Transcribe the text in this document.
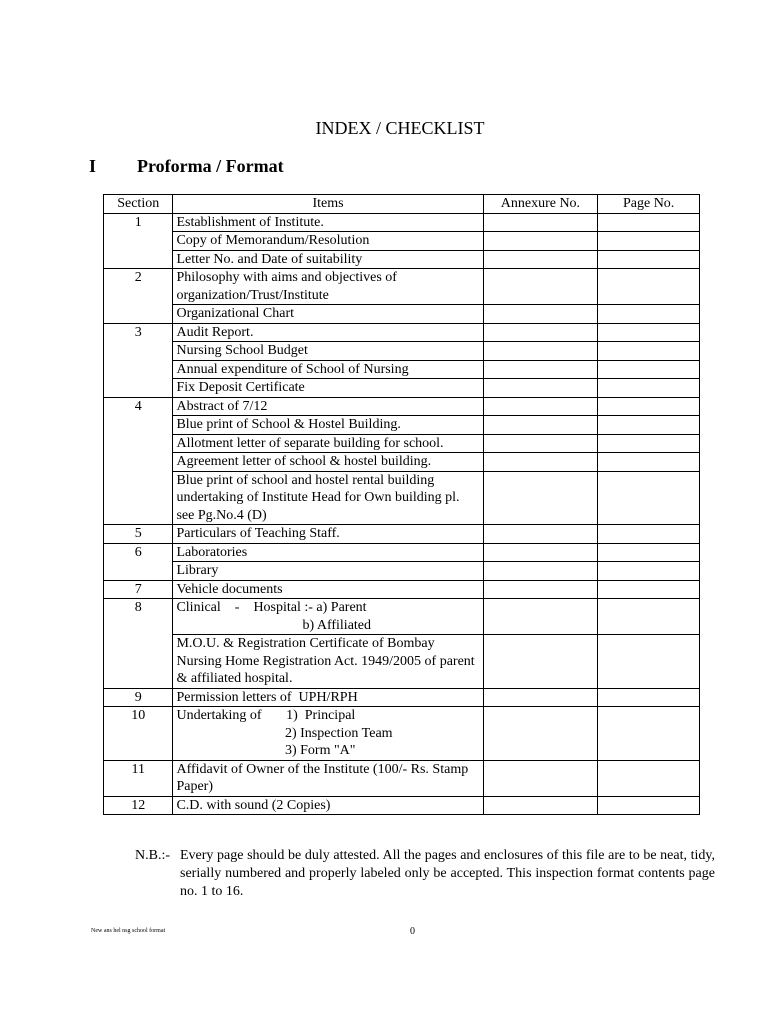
INDEX / CHECKLIST
I Proforma / Format
Section	Items	Annexure No.	Page No.
1	Establishment of Institute.		
	Copy of Memorandum/Resolution		
	Letter No. and Date of suitability		
2	Philosophy with aims and objectives of organization/Trust/Institute		
	Organizational Chart		
3	Audit Report.		
	Nursing School Budget		
	Annual expenditure of School of Nursing		
	Fix Deposit Certificate		
4	Abstract of 7/12		
	Blue print of School & Hostel Building.		
	Allotment letter of separate building for school.		
	Agreement letter of school & hostel building.		
	Blue print of school and hostel rental building undertaking of Institute Head for Own building pl. see Pg.No.4 (D)		
5	Particulars of Teaching Staff.		
6	Laboratories		
	Library		
7	Vehicle documents		
8	Clinical    -    Hospital :- a) Parent
b) Affiliated		
	M.O.U. & Registration Certificate of Bombay Nursing Home Registration Act. 1949/2005 of parent & affiliated hospital.		
9	Permission letters of  UPH/RPH		
10	Undertaking of       1)  Principal
2) Inspection Team
3) Form "A"		
11	Affidavit of Owner of the Institute (100/- Rs. Stamp Paper)		
12	C.D. with sound (2 Copies)		
N.B.:- Every page should be duly attested. All the pages and enclosures of this file are to be neat, tidy, serially numbered and properly labeled only be accepted. This inspection format contents page no. 1 to 16.
New ans hel nsg school format	0
